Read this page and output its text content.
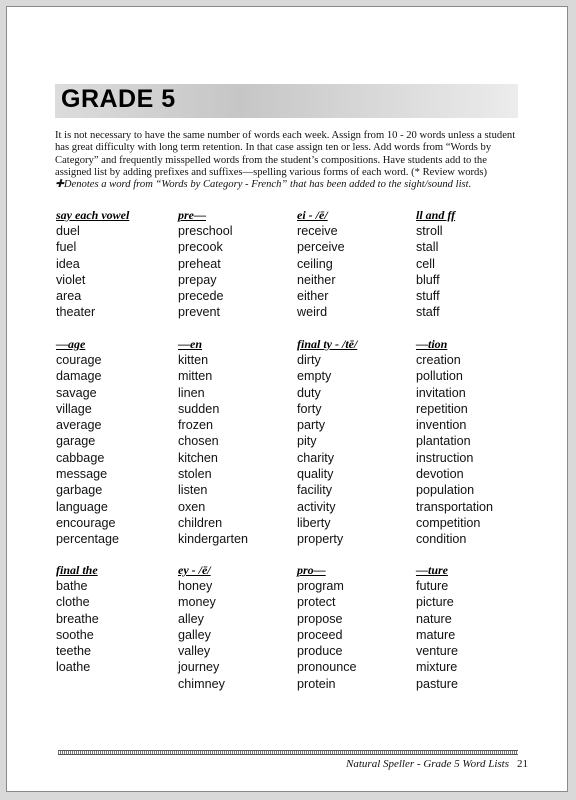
GRADE 5

It is not necessary to have the same number of words each week. Assign from 10 - 20 words unless a student has great difficulty with long term retention. In that case assign ten or less. Add words from “Words by Category” and frequently misspelled words from the student’s compositions. Have students add to the assigned list by adding prefixes and suffixes—spelling various forms of each word. (* Review words)

✚Denotes a word from “Words by Category - French” that has been added to the sight/sound list.

say each vowel
duel
fuel
idea
violet
area
theater
pre—
preschool
precook
preheat
prepay
precede
prevent
ei - /ē/
receive
perceive
ceiling
neither
either
weird
ll and ff
stroll
stall
cell
bluff
stuff
staff
—age
courage
damage
savage
village
average
garage
cabbage
message
garbage
language
encourage
percentage
—en
kitten
mitten
linen
sudden
frozen
chosen
kitchen
stolen
listen
oxen
children
kindergarten
final ty - /tē/
dirty
empty
duty
forty
party
pity
charity
quality
facility
activity
liberty
property
—tion
creation
pollution
invitation
repetition
invention
plantation
instruction
devotion
population
transportation
competition
condition
final the
bathe
clothe
breathe
soothe
teethe
loathe
ey - /ē/
honey
money
alley
galley
valley
journey
chimney
pro—
program
protect
propose
proceed
produce
pronounce
protein
—ture
future
picture
nature
mature
venture
mixture
pasture
Natural Speller - Grade 5 Word Lists 21
